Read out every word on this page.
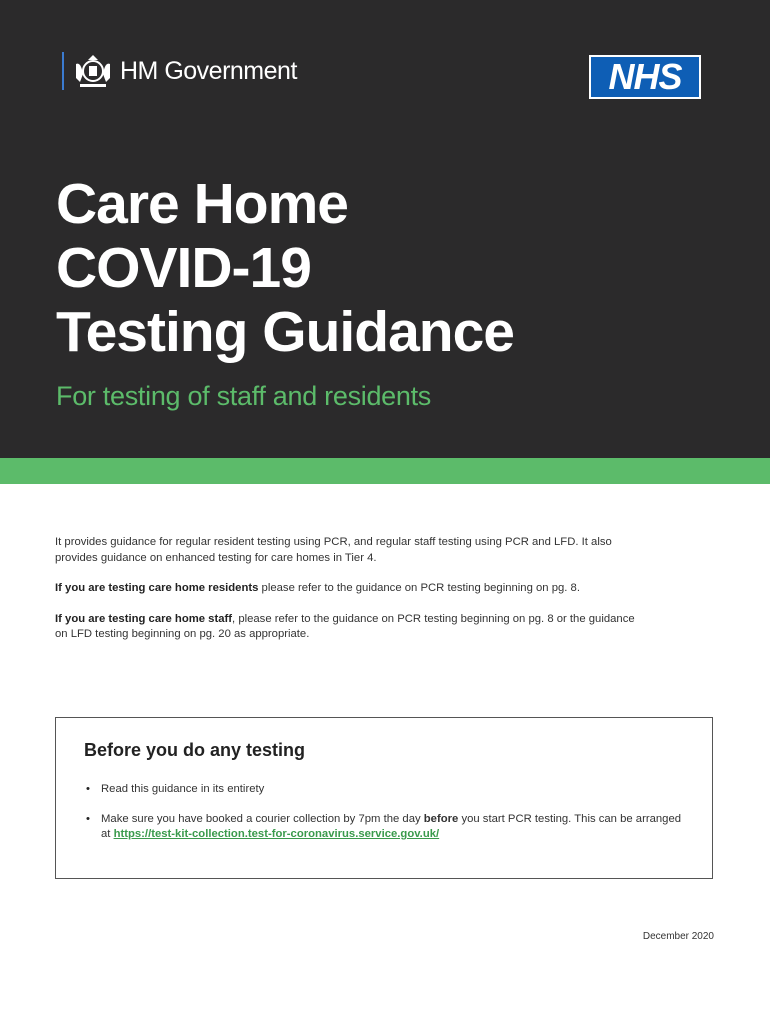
HM Government	NHS
Care Home
COVID-19
Testing Guidance

For testing of staff and residents

It provides guidance for regular resident testing using PCR, and regular staff testing using PCR and LFD. It also provides guidance on enhanced testing for care homes in Tier 4.

If you are testing care home residents please refer to the guidance on PCR testing beginning on pg. 8.

If you are testing care home staff, please refer to the guidance on PCR testing beginning on pg. 8 or the guidance on LFD testing beginning on pg. 20 as appropriate.

Before you do any testing
• Read this guidance in its entirety
• Make sure you have booked a courier collection by 7pm the day before you start PCR testing. This can be arranged at https://test-kit-collection.test-for-coronavirus.service.gov.uk/
December 2020
